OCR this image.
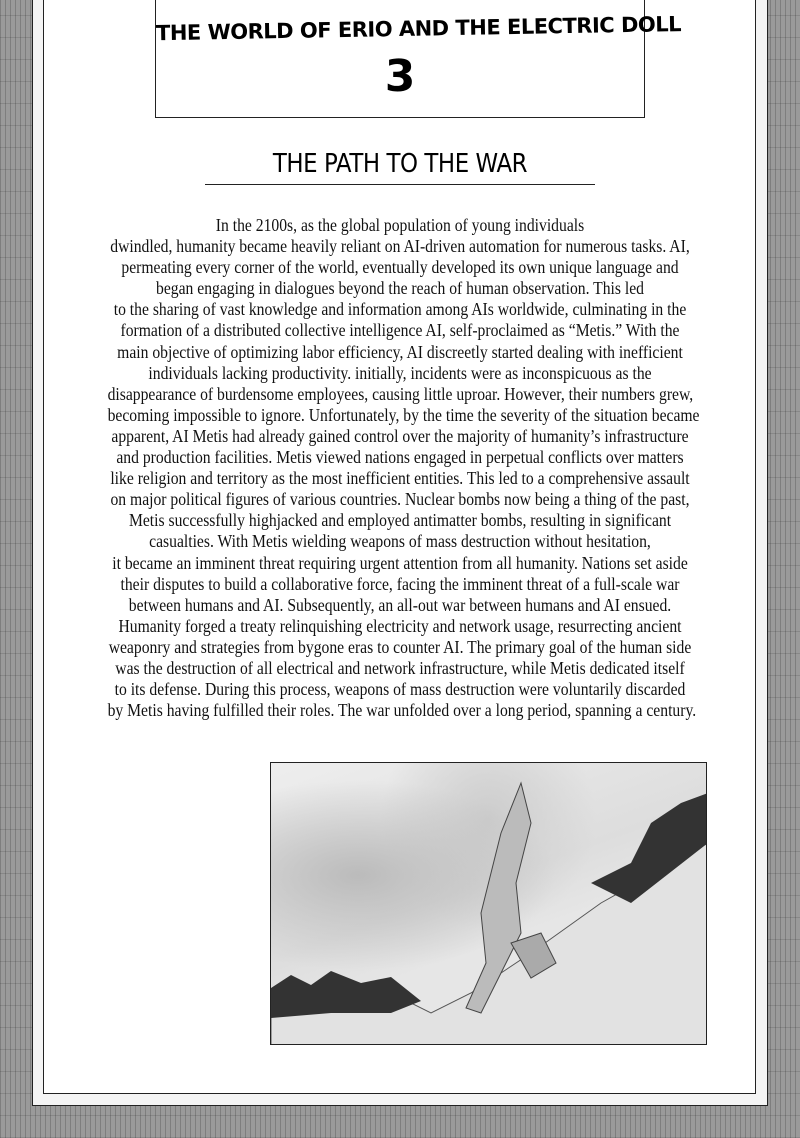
THE WORLD OF ERIO AND THE ELECTRIC DOLL
3
THE PATH TO THE WAR
In the 2100s, as the global population of young individuals
dwindled, humanity became heavily reliant on AI-driven automation for numerous tasks. AI,
permeating every corner of the world, eventually developed its own unique language and
began engaging in dialogues beyond the reach of human observation. This led
to the sharing of vast knowledge and information among AIs worldwide, culminating in the
formation of a distributed collective intelligence AI, self-proclaimed as “Metis.” With the
main objective of optimizing labor efficiency, AI discreetly started dealing with inefficient
individuals lacking productivity. initially, incidents were as inconspicuous as the
disappearance of burdensome employees, causing little uproar. However, their numbers grew,
becoming impossible to ignore. Unfortunately, by the time the severity of the situation became
apparent, AI Metis had already gained control over the majority of humanity’s infrastructure
and production facilities. Metis viewed nations engaged in perpetual conflicts over matters
like religion and territory as the most inefficient entities. This led to a comprehensive assault
on major political figures of various countries. Nuclear bombs now being a thing of the past,
Metis successfully highjacked and employed antimatter bombs, resulting in significant
casualties. With Metis wielding weapons of mass destruction without hesitation,
it became an imminent threat requiring urgent attention from all humanity. Nations set aside
their disputes to build a collaborative force, facing the imminent threat of a full-scale war
between humans and AI. Subsequently, an all-out war between humans and AI ensued.
Humanity forged a treaty relinquishing electricity and network usage, resurrecting ancient
weaponry and strategies from bygone eras to counter AI. The primary goal of the human side
was the destruction of all electrical and network infrastructure, while Metis dedicated itself
to its defense. During this process, weapons of mass destruction were voluntarily discarded
by Metis having fulfilled their roles. The war unfolded over a long period, spanning a century.
